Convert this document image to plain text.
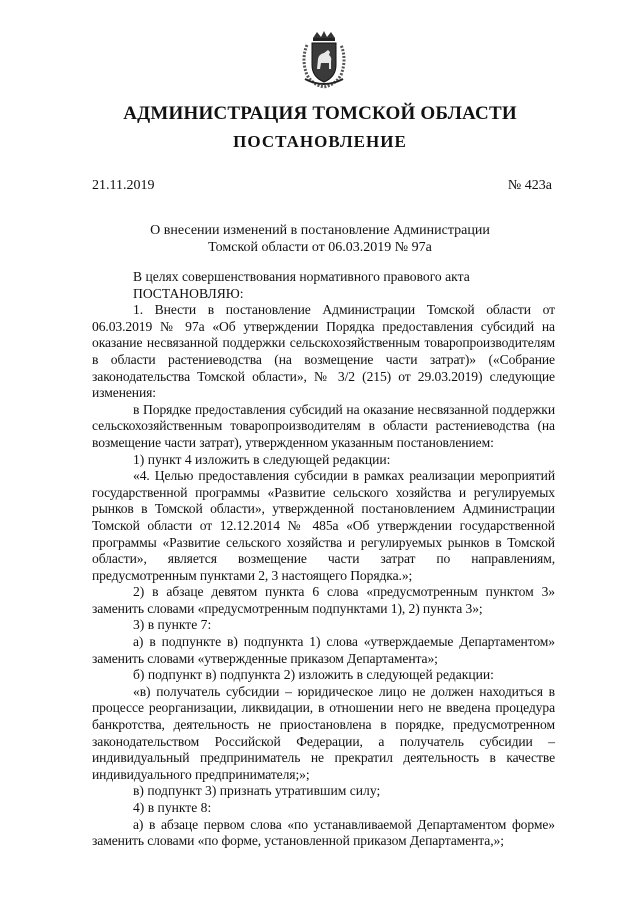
АДМИНИСТРАЦИЯ ТОМСКОЙ ОБЛАСТИ
ПОСТАНОВЛЕНИЕ
21.11.2019	№ 423а
О внесении изменений в постановление Администрации
Томской области от 06.03.2019 № 97а

В целях совершенствования нормативного правового акта

ПОСТАНОВЛЯЮ:

1. Внести в постановление Администрации Томской области от 06.03.2019 № 97а «Об утверждении Порядка предоставления субсидий на оказание несвязанной поддержки сельскохозяйственным товаропроизводителям в области растениеводства (на возмещение части затрат)» («Собрание законодательства Томской области», № 3/2 (215) от 29.03.2019) следующие изменения:

в Порядке предоставления субсидий на оказание несвязанной поддержки сельскохозяйственным товаропроизводителям в области растениеводства (на возмещение части затрат), утвержденном указанным постановлением:

1) пункт 4 изложить в следующей редакции:

«4. Целью предоставления субсидии в рамках реализации мероприятий государственной программы «Развитие сельского хозяйства и регулируемых рынков в Томской области», утвержденной постановлением Администрации Томской области от 12.12.2014 № 485а «Об утверждении государственной программы «Развитие сельского хозяйства и регулируемых рынков в Томской области», является возмещение части затрат по направлениям, предусмотренным пунктами 2, 3 настоящего Порядка.»;

2) в абзаце девятом пункта 6 слова «предусмотренным пунктом 3» заменить словами «предусмотренным подпунктами 1), 2) пункта 3»;

3) в пункте 7:

а) в подпункте в) подпункта 1) слова «утверждаемые Департаментом» заменить словами «утвержденные приказом Департамента»;

б) подпункт в) подпункта 2) изложить в следующей редакции:

«в) получатель субсидии – юридическое лицо не должен находиться в процессе реорганизации, ликвидации, в отношении него не введена процедура банкротства, деятельность не приостановлена в порядке, предусмотренном законодательством Российской Федерации, а получатель субсидии – индивидуальный предприниматель не прекратил деятельность в качестве индивидуального предпринимателя;»;

в) подпункт 3) признать утратившим силу;

4) в пункте 8:

а) в абзаце первом слова «по устанавливаемой Департаментом форме» заменить словами «по форме, установленной приказом Департамента,»;
